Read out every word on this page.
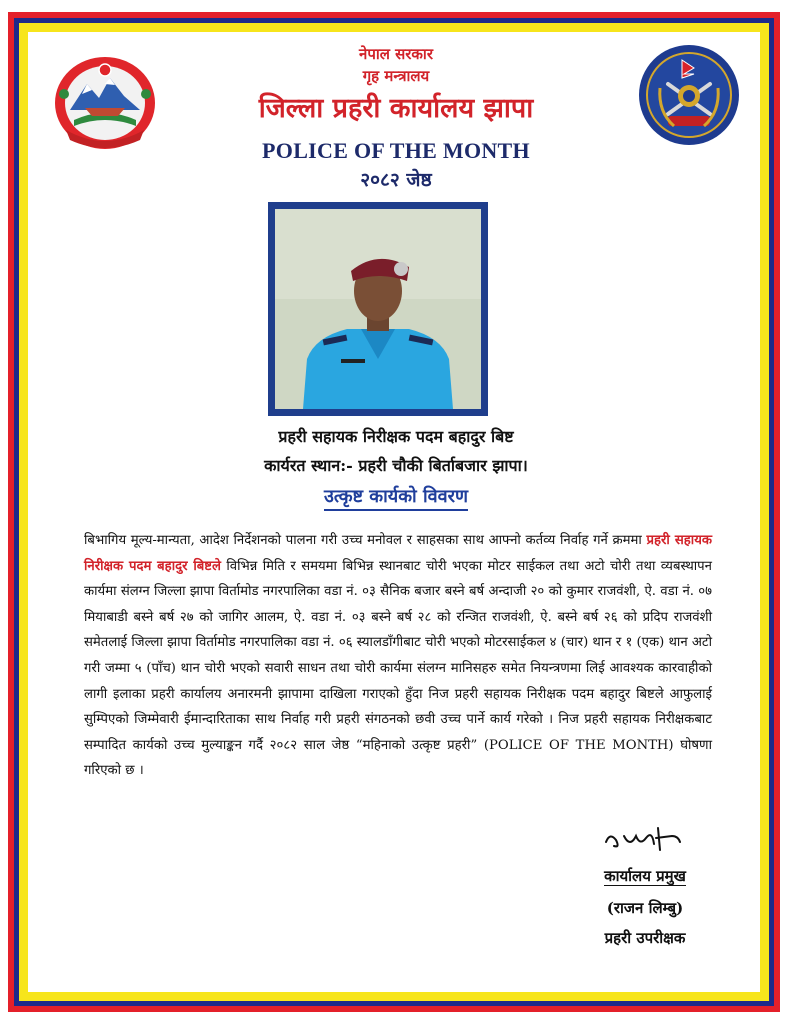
नेपाल सरकार
गृह मन्त्रालय
जिल्ला प्रहरी कार्यालय झापा
POLICE OF THE MONTH
२०८२ जेष्ठ
प्रहरी सहायक निरीक्षक पदम बहादुर बिष्ट
कार्यरत स्थान:- प्रहरी चौकी बिर्ताबजार झापा।
उत्कृष्ट कार्यको विवरण
बिभागिय मूल्य-मान्यता, आदेश निर्देशनको पालना गरी उच्च मनोवल र साहसका साथ आफ्नो कर्तव्य निर्वाह गर्ने क्रममा प्रहरी सहायक निरीक्षक पदम बहादुर बिष्टले विभिन्न मिति र समयमा बिभिन्न स्थानबाट चोरी भएका मोटर साईकल तथा अटो चोरी तथा व्यबस्थापन कार्यमा संलग्न जिल्ला झापा विर्तामोड नगरपालिका वडा नं. ०३ सैनिक बजार बस्ने बर्ष अन्दाजी २० को कुमार राजवंशी, ऐ. वडा नं. ०७ मियाबाडी बस्ने बर्ष २७ को जागिर आलम, ऐ. वडा नं. ०३ बस्ने बर्ष २८ को रन्जित राजवंशी, ऐ. बस्ने बर्ष २६ को प्रदिप राजवंशी समेतलाई जिल्ला झापा विर्तामोड नगरपालिका वडा नं. ०६ स्यालडाँगीबाट चोरी भएको मोटरसाईकल ४ (चार) थान र १ (एक) थान अटो गरी जम्मा ५ (पाँच) थान चोरी भएको सवारी साधन तथा चोरी कार्यमा संलग्न मानिसहरु समेत नियन्त्रणमा लिई आवश्यक कारवाहीको लागी इलाका प्रहरी कार्यालय अनारमनी झापामा दाखिला गराएको हुँदा निज प्रहरी सहायक निरीक्षक पदम बहादुर बिष्टले आफुलाई सुम्पिएको जिम्मेवारी ईमान्दारिताका साथ निर्वाह गरी प्रहरी संगठनको छवी उच्च पार्ने कार्य गरेको । निज प्रहरी सहायक निरीक्षकबाट सम्पादित कार्यको उच्च मुल्याङ्कन गर्दै २०८२ साल जेष्ठ “महिनाको उत्कृष्ट प्रहरी” (POLICE OF THE MONTH) घोषणा गरिएको छ ।
कार्यालय प्रमुख
(राजन लिम्बु)
प्रहरी उपरीक्षक
